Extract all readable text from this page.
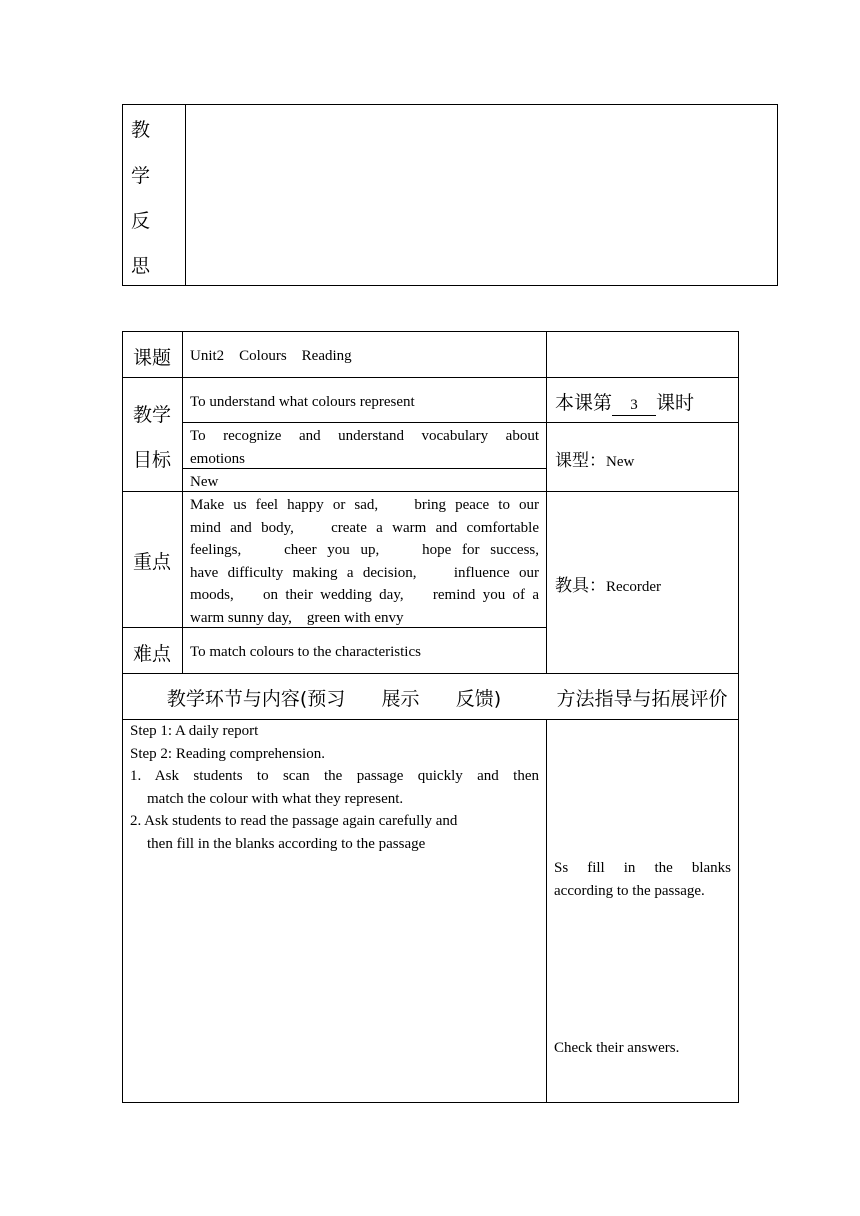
教
学
反
思
课题 Unit2    Colours    Reading
教学
目标
To understand what colours represent
To  recognize  and  understand  vocabulary  about
emotions
New
本课第 3 课时
课型：New
重点
Make us feel happy or sad,    bring peace to our
mind and body,    create a warm and comfortable
feelings,    cheer you up,    hope for success,
have difficulty making a decision,    influence our
moods,    on their wedding day,    remind you of a
warm sunny day,    green with envy
教具：Recorder
难点 To match colours to the characteristics
教学环节与内容(预习      展示      反馈)	方法指导与拓展评价
Step 1: A daily report
Step 2: Reading comprehension.
1.  Ask  students  to  scan  the  passage  quickly  and  then
match the colour with what they represent.
2. Ask students to read the passage again carefully and
then fill in the blanks according to the passage
Ss   fill   in   the   blanks
according to the passage.
Check their answers.
